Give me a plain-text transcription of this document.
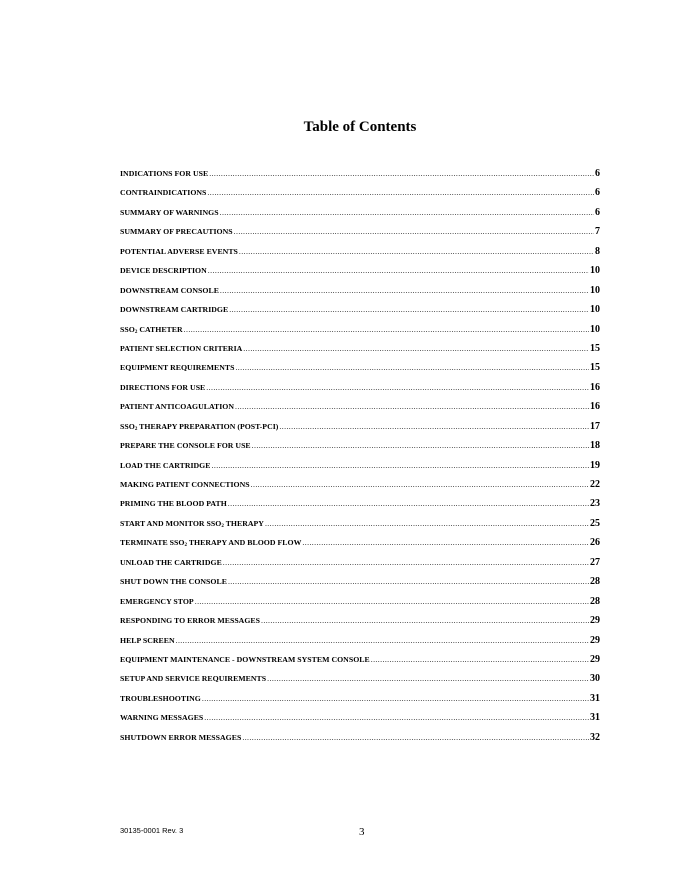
Table of Contents
INDICATIONS FOR USE .....	6
CONTRAINDICATIONS .....	6
SUMMARY OF WARNINGS .....	6
SUMMARY OF PRECAUTIONS .....	7
POTENTIAL ADVERSE EVENTS .....	8
DEVICE DESCRIPTION .....	10
DOWNSTREAM CONSOLE .....	10
DOWNSTREAM CARTRIDGE .....	10
$SSO_2$ CATHETER .....	10
PATIENT SELECTION CRITERIA .....	15
EQUIPMENT REQUIREMENTS .....	15
DIRECTIONS FOR USE .....	16
PATIENT ANTICOAGULATION .....	16
$SSO_2$ THERAPY PREPARATION (POST-PCI) .....	17
PREPARE THE CONSOLE FOR USE .....	18
LOAD THE CARTRIDGE .....	19
MAKING PATIENT CONNECTIONS .....	22
PRIMING THE BLOOD PATH .....	23
START AND MONITOR $SSO_2$ THERAPY .....	25
TERMINATE $SSO_2$ THERAPY AND BLOOD FLOW .....	26
UNLOAD THE CARTRIDGE .....	27
SHUT DOWN THE CONSOLE .....	28
EMERGENCY STOP .....	28
RESPONDING TO ERROR MESSAGES .....	29
HELP SCREEN .....	29
EQUIPMENT MAINTENANCE - DOWNSTREAM SYSTEM CONSOLE .....	29
SETUP AND SERVICE REQUIREMENTS .....	30
TROUBLESHOOTING .....	31
WARNING MESSAGES .....	31
SHUTDOWN ERROR MESSAGES .....	32
30135-0001 Rev. 3	3
